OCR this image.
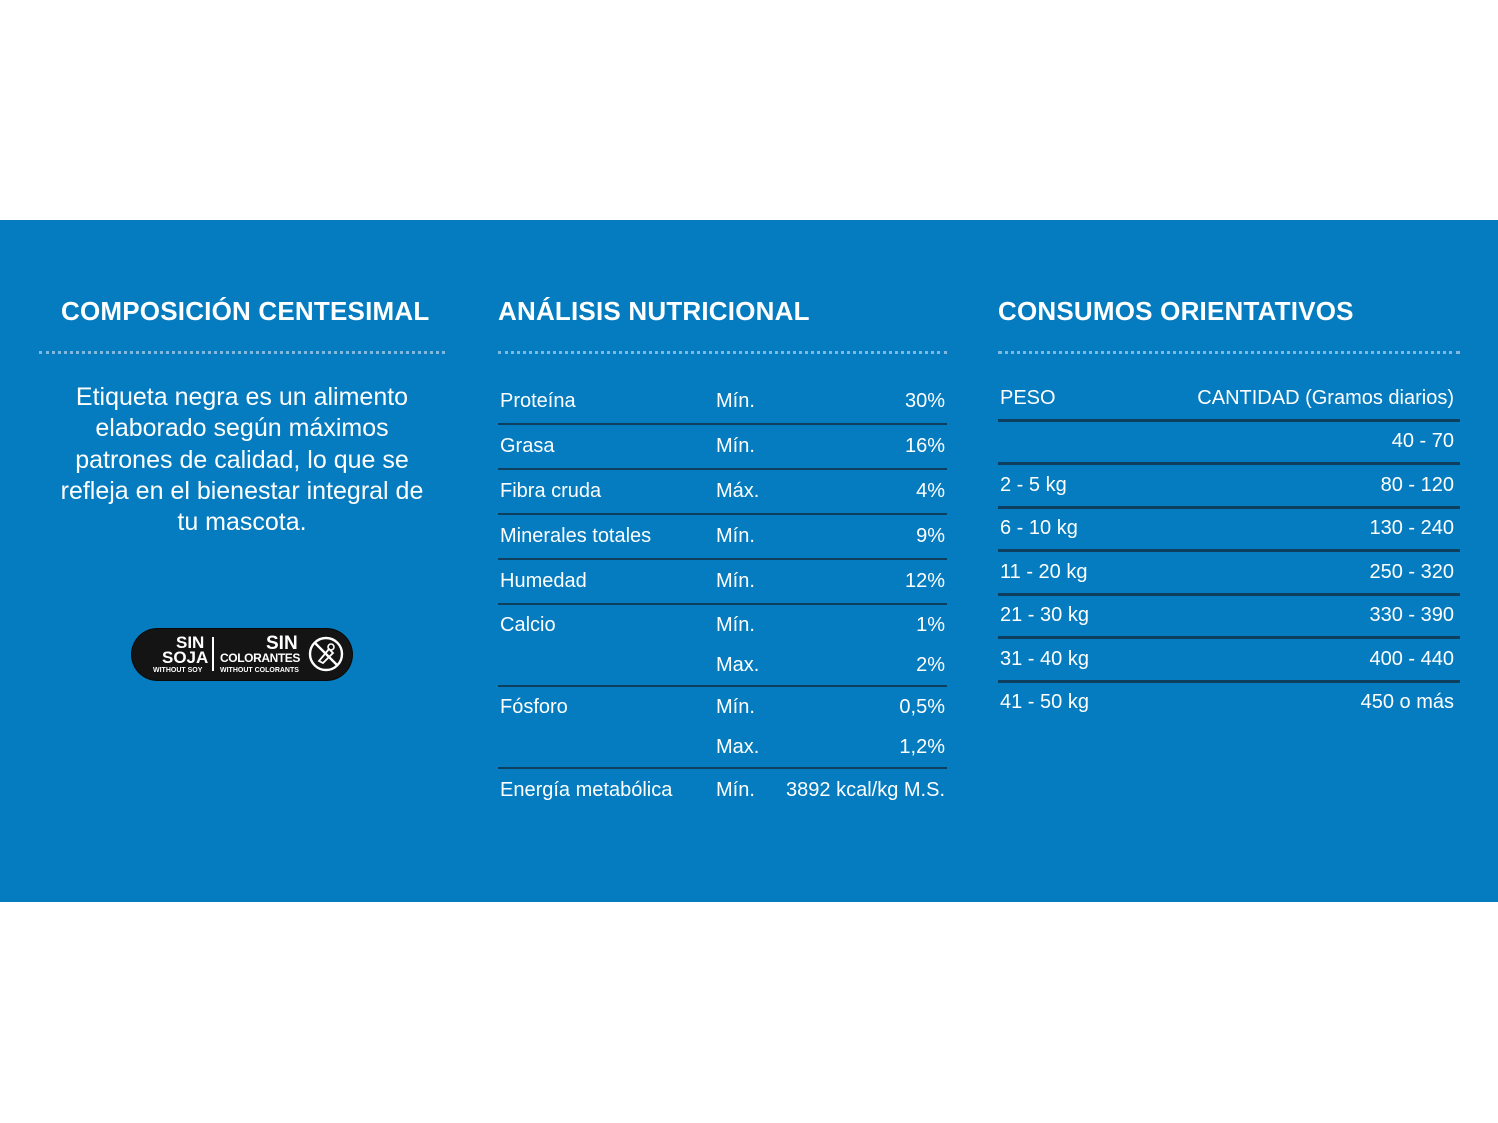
COMPOSICIÓN CENTESIMAL
Etiqueta negra es un alimento elaborado según máximos patrones de calidad, lo que se refleja en el bienestar integral de tu mascota.
SIN
SOJA
WITHOUT SOY
SIN
COLORANTES
WITHOUT COLORANTS
ANÁLISIS NUTRICIONAL
Proteína	Mín.	30%
Grasa	Mín.	16%
Fibra cruda	Máx.	4%
Minerales totales	Mín.	9%
Humedad	Mín.	12%
Calcio	Mín.	1%
	Max.	2%
Fósforo	Mín.	0,5%
	Max.	1,2%
Energía metabólica	Mín.	3892 kcal/kg M.S.
CONSUMOS ORIENTATIVOS
PESO	CANTIDAD (Gramos diarios)
	40 - 70
2 - 5 kg	80 - 120
6 - 10 kg	130 - 240
11 - 20 kg	250 - 320
21 - 30 kg	330 - 390
31 - 40 kg	400 - 440
41 - 50 kg	450 o más
